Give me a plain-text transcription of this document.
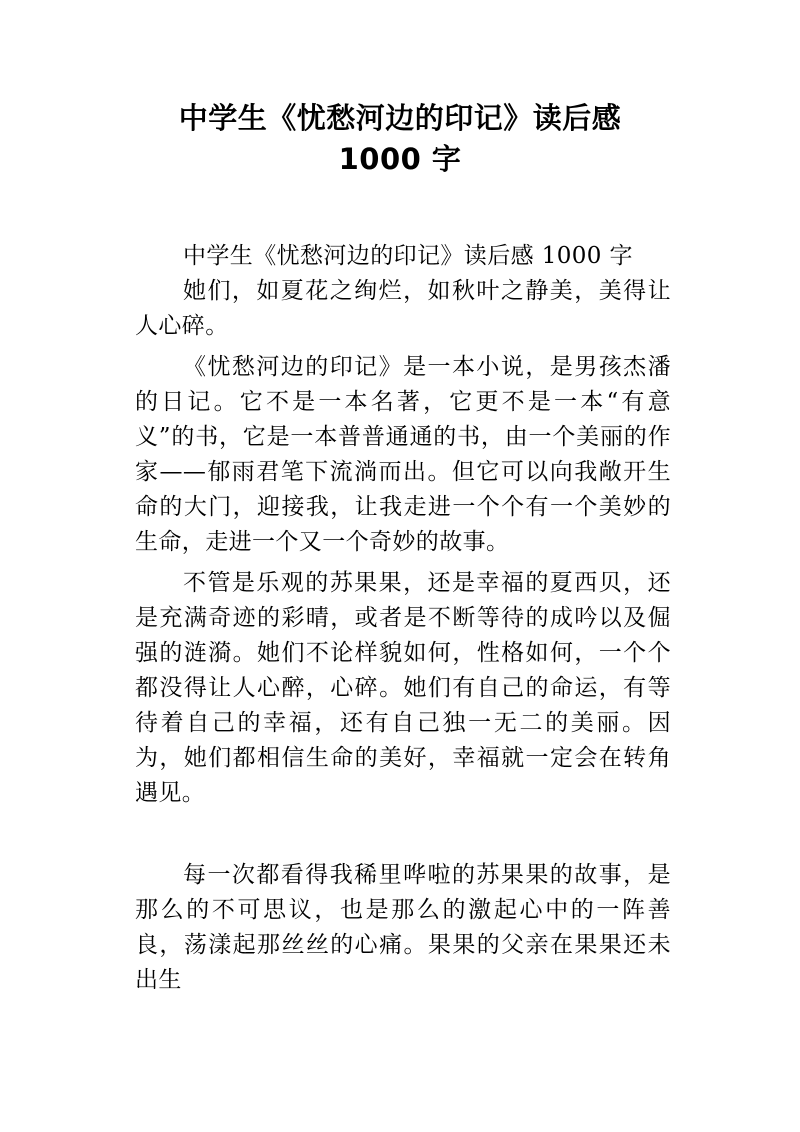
中学生《忧愁河边的印记》读后感
1000 字

中学生《忧愁河边的印记》读后感 1000 字

她们，如夏花之绚烂，如秋叶之静美，美得让人心碎。

《忧愁河边的印记》是一本小说，是男孩杰潘的日记。它不是一本名著，它更不是一本“有意义”的书，它是一本普普通通的书，由一个美丽的作家——郁雨君笔下流淌而出。但它可以向我敞开生命的大门，迎接我，让我走进一个个有一个美妙的生命，走进一个又一个奇妙的故事。

不管是乐观的苏果果，还是幸福的夏西贝，还是充满奇迹的彩晴，或者是不断等待的成吟以及倔强的涟漪。她们不论样貌如何，性格如何，一个个都没得让人心醉，心碎。她们有自己的命运，有等待着自己的幸福，还有自己独一无二的美丽。因为，她们都相信生命的美好，幸福就一定会在转角遇见。

每一次都看得我稀里哗啦的苏果果的故事，是那么的不可思议，也是那么的激起心中的一阵善良，荡漾起那丝丝的心痛。果果的父亲在果果还未出生
